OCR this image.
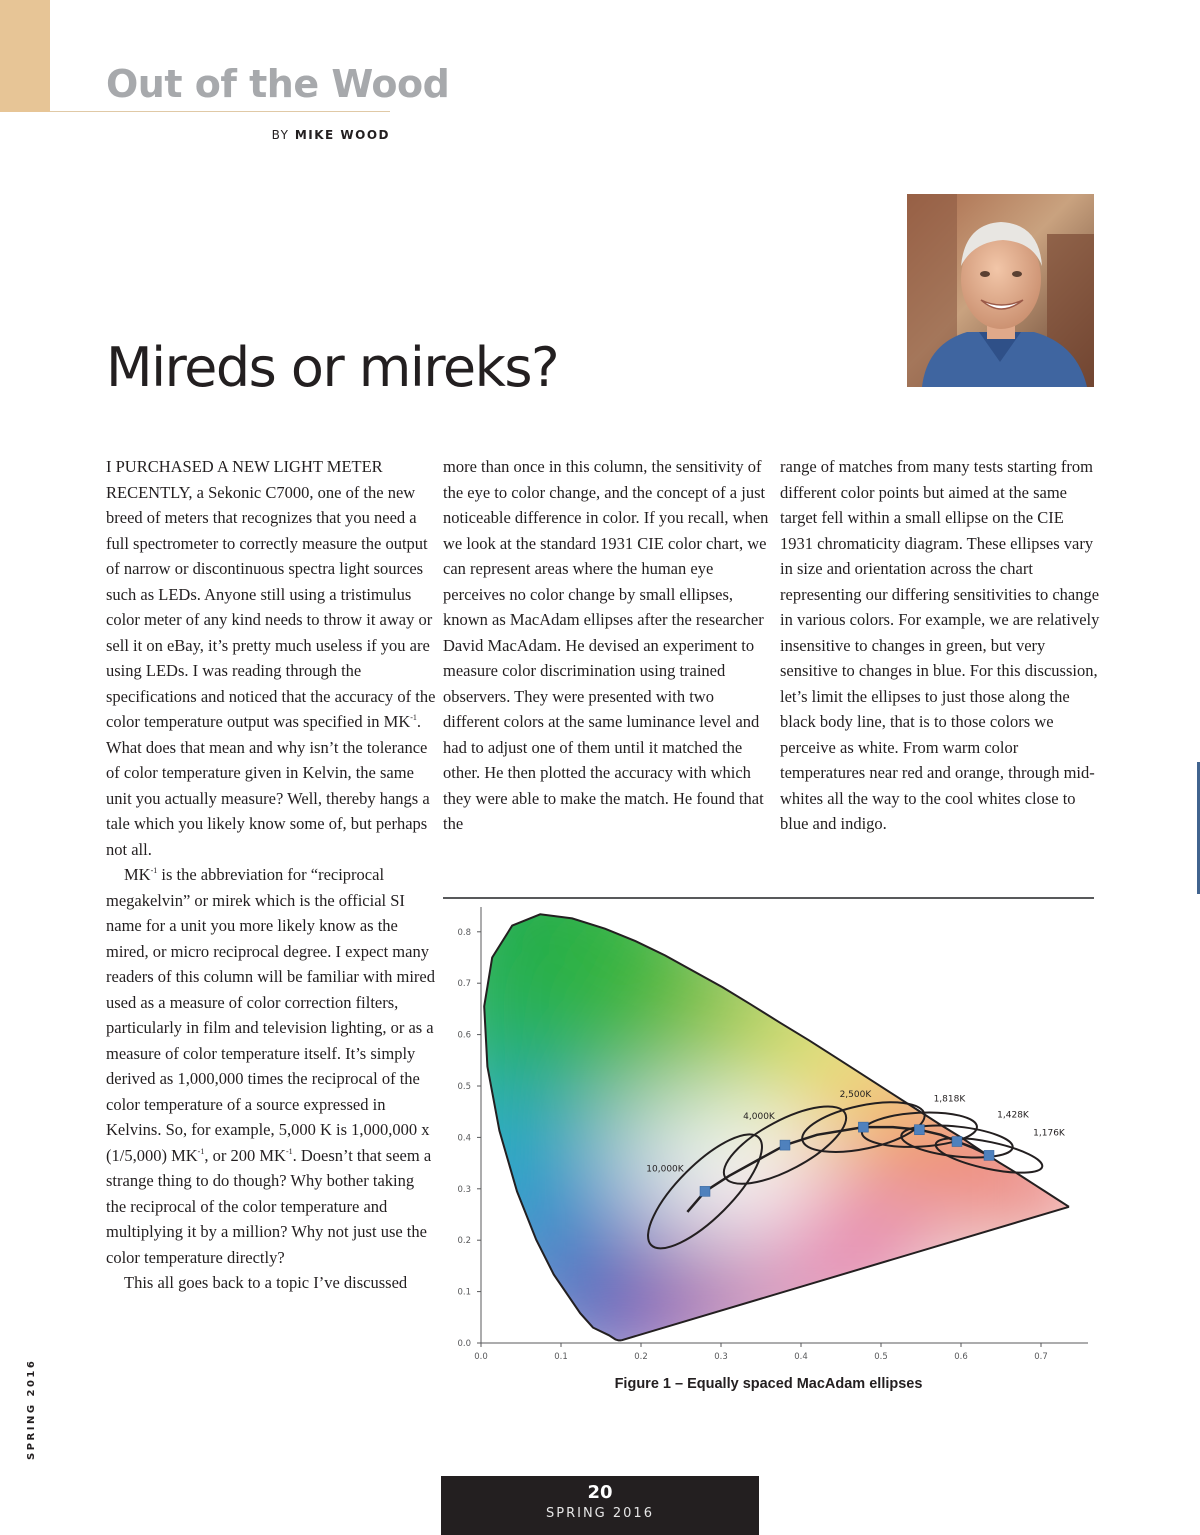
Out of the Wood
BY MIKE WOOD
Mireds or mireks?

I PURCHASED A NEW LIGHT METER RECENTLY, a Sekonic C7000, one of the new breed of meters that recognizes that you need a full spectrometer to correctly measure the output of narrow or discontinuous spectra light sources such as LEDs. Anyone still using a tristimulus color meter of any kind needs to throw it away or sell it on eBay, it’s pretty much useless if you are using LEDs. I was reading through the specifications and noticed that the accuracy of the color temperature output was specified in $MK^{-1}$. What does that mean and why isn’t the tolerance of color temperature given in Kelvin, the same unit you actually measure? Well, thereby hangs a tale which you likely know some of, but perhaps not all.

$MK^{-1}$ is the abbreviation for “reciprocal megakelvin” or mirek which is the official SI name for a unit you more likely know as the mired, or micro reciprocal degree. I expect many readers of this column will be familiar with mired used as a measure of color correction filters, particularly in film and television lighting, or as a measure of color temperature itself. It’s simply derived as 1,000,000 times the reciprocal of the color temperature of a source expressed in Kelvins. So, for example, 5,000 K is 1,000,000 x (1/5,000) $MK^{-1}$, or 200 $MK^{-1}$. Doesn’t that seem a strange thing to do though? Why bother taking the reciprocal of the color temperature and multiplying it by a million? Why not just use the color temperature directly?

This all goes back to a topic I’ve discussed

more than once in this column, the sensitivity of the eye to color change, and the concept of a just noticeable difference in color. If you recall, when we look at the standard 1931 CIE color chart, we can represent areas where the human eye perceives no color change by small ellipses, known as MacAdam ellipses after the researcher David MacAdam. He devised an experiment to measure color discrimination using trained observers. They were presented with two different colors at the same luminance level and had to adjust one of them until it matched the other. He then plotted the accuracy with which they were able to make the match. He found that the

range of matches from many tests starting from different color points but aimed at the same target fell within a small ellipse on the CIE 1931 chromaticity diagram. These ellipses vary in size and orientation across the chart representing our differing sensitivities to change in various colors. For example, we are relatively insensitive to changes in green, but very sensitive to changes in blue. For this discussion, let’s limit the ellipses to just those along the black body line, that is to those colors we perceive as white. From warm color temperatures near red and orange, through mid-whites all the way to the cool whites close to blue and indigo.

0.0	0.1	0.2	0.3	0.4	0.5	0.6	0.7
0.0
0.1
0.2
0.3
0.4
0.5
0.6
0.7
0.8
10,000K
4,000K
2,500K	1,818K
1,428K
1,176K
Figure 1 – Equally spaced MacAdam ellipses
SPRING 2016
20
SPRING 2016
